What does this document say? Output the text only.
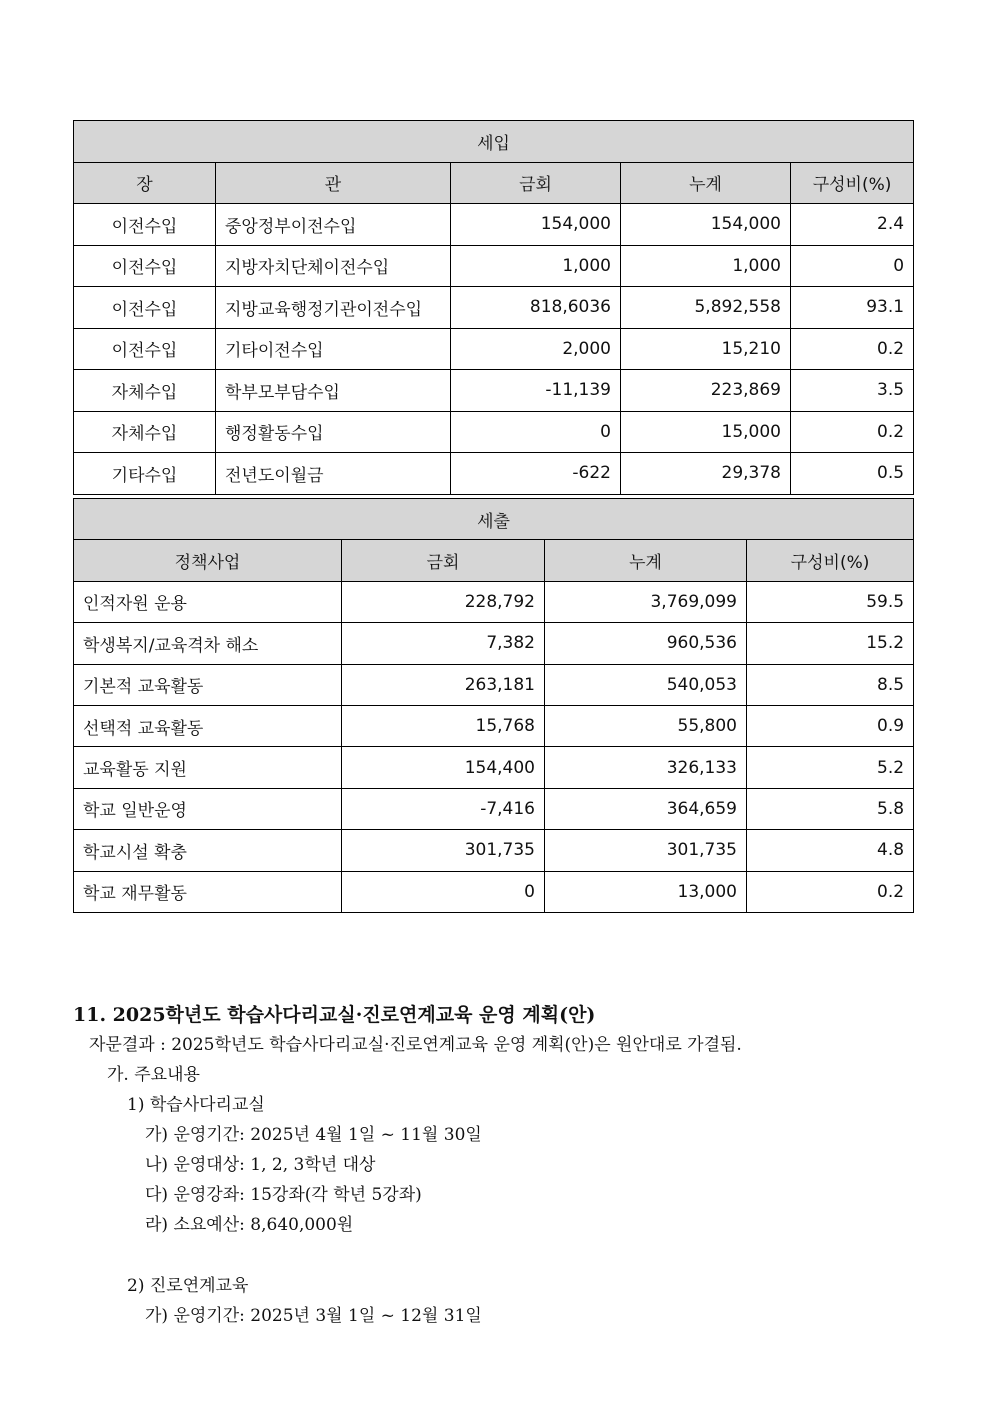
세입				
장	관	금회	누계	구성비(%)
이전수입	중앙정부이전수입	154,000	154,000	2.4
이전수입	지방자치단체이전수입	1,000	1,000	0
이전수입	지방교육행정기관이전수입	818,6036	5,892,558	93.1
이전수입	기타이전수입	2,000	15,210	0.2
자체수입	학부모부담수입	-11,139	223,869	3.5
자체수입	행정활동수입	0	15,000	0.2
기타수입	전년도이월금	-622	29,378	0.5
세출			
정책사업	금회	누계	구성비(%)
인적자원 운용	228,792	3,769,099	59.5
학생복지/교육격차 해소	7,382	960,536	15.2
기본적 교육활동	263,181	540,053	8.5
선택적 교육활동	15,768	55,800	0.9
교육활동 지원	154,400	326,133	5.2
학교 일반운영	-7,416	364,659	5.8
학교시설 확충	301,735	301,735	4.8
학교 재무활동	0	13,000	0.2
11. 2025학년도 학습사다리교실·진로연계교육 운영 계획(안)
자문결과 : 2025학년도 학습사다리교실·진로연계교육 운영 계획(안)은 원안대로 가결됨.
가. 주요내용
1) 학습사다리교실
가) 운영기간: 2025년 4월 1일 ~ 11월 30일
나) 운영대상: 1, 2, 3학년 대상
다) 운영강좌: 15강좌(각 학년 5강좌)
라) 소요예산: 8,640,000원
2) 진로연계교육
가) 운영기간: 2025년 3월 1일 ~ 12월 31일
